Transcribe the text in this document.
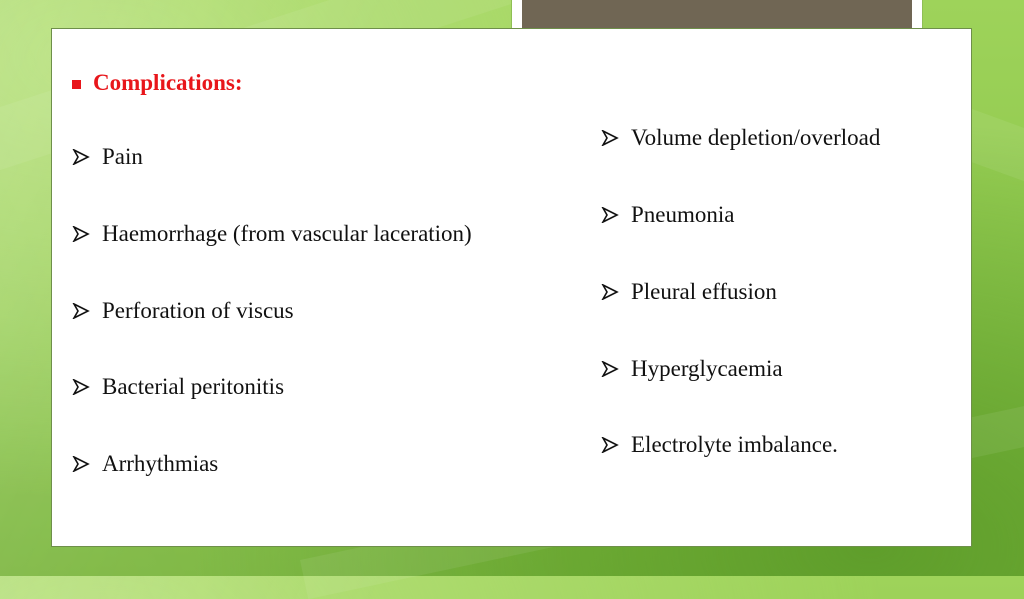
Complications:
Pain
Haemorrhage (from vascular laceration)
Perforation of viscus
Bacterial peritonitis
Arrhythmias
Volume depletion/overload
Pneumonia
Pleural effusion
Hyperglycaemia
Electrolyte imbalance.
